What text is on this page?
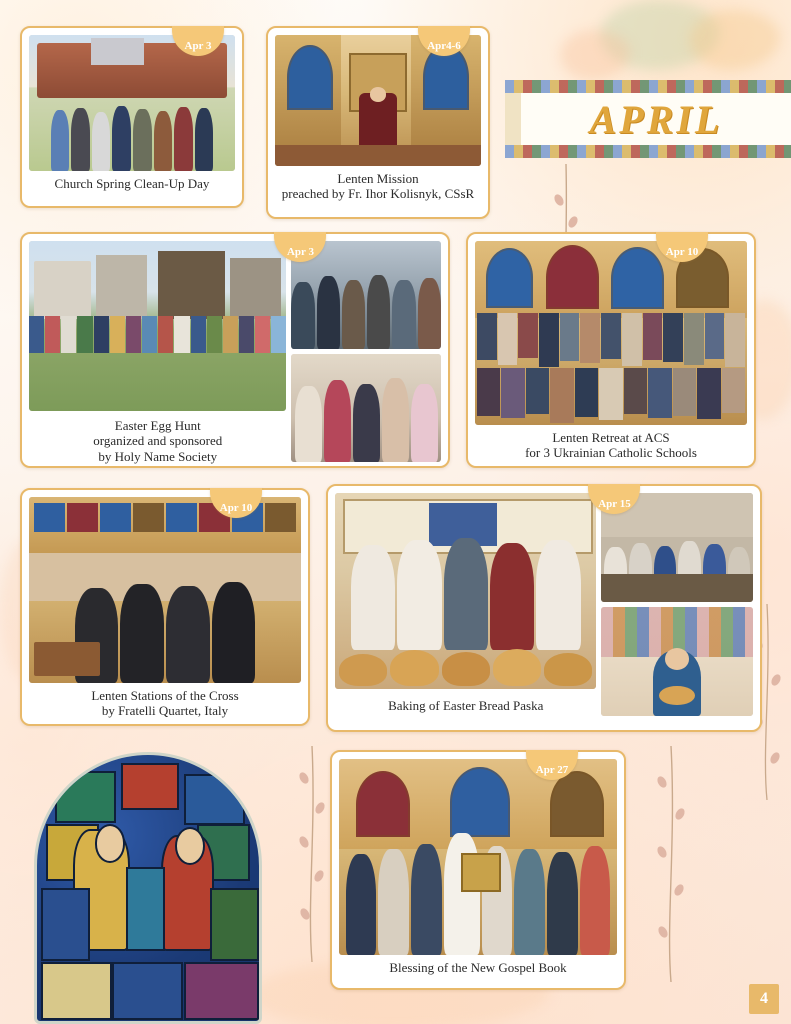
APRIL
Apr 3
Church Spring Clean-Up Day
Apr4-6
Lenten Mission
preached by Fr. Ihor Kolisnyk, CSsR
Apr 3
Easter Egg Hunt
organized and sponsored
by Holy Name Society
Apr 10
Lenten Retreat at ACS
for 3 Ukrainian Catholic Schools
Apr 10
Lenten Stations of the Cross
by Fratelli Quartet, Italy
Apr 15
Baking of Easter Bread Paska
Apr 27
Blessing of the New Gospel Book
4
